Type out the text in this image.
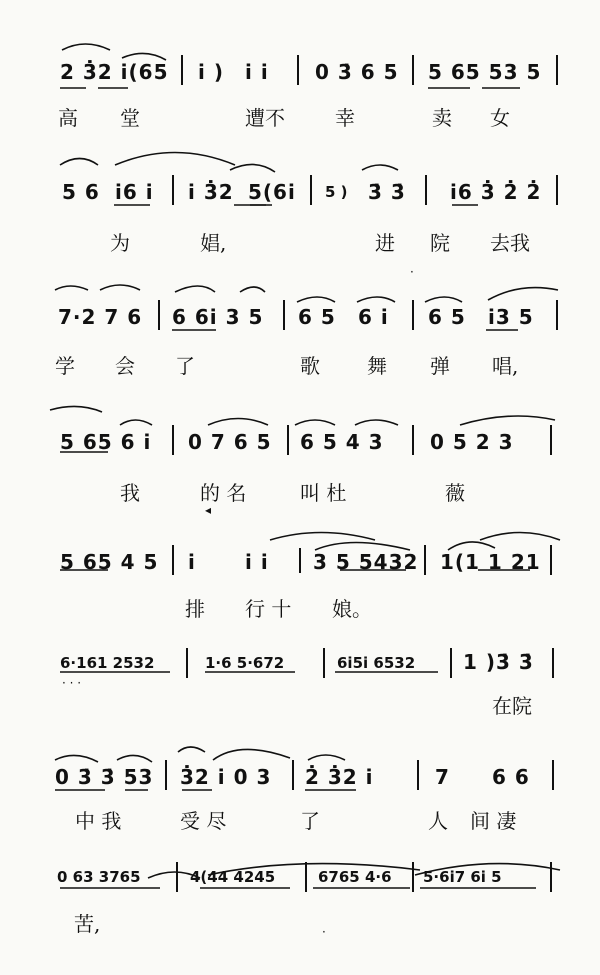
2 3̇2 i(65 i ) i i 0 3̇ 6 5 5 65 53 5
高 堂	遭不	幸	卖 女
5 6 i6 i i 3̇2 5(6i 5 ) 3̇ 3̇ i6 3̇ 2̇ 2̇
为	娼,	进 院 去我
·
7·2 7 6 6 6i 3 5 6 5 6 i 6 5 i3 5
学 会 了	歌 舞 弹 唱,
5 65 6 i 0 7 6 5 6 5 4 3 0 5 2 3
我	的 名	叫 杜	薇
◂
5 65 4 5 i i i 3 5 5432 1(1 1 21
排 行 十 娘。
6·161 2532	1·6 5·672	6i5i 6532 1 )3̇ 3̇
· · ·
在院
0 3̇ 3̇ 53 3̇2 i 0 3 2̇ 3̇2 i	7 6 6
中 我	受 尽	了	人 间 凄
0 63 3765	4(44 4245	6765 4·6 5·6i7 6i 5
苦,	·
